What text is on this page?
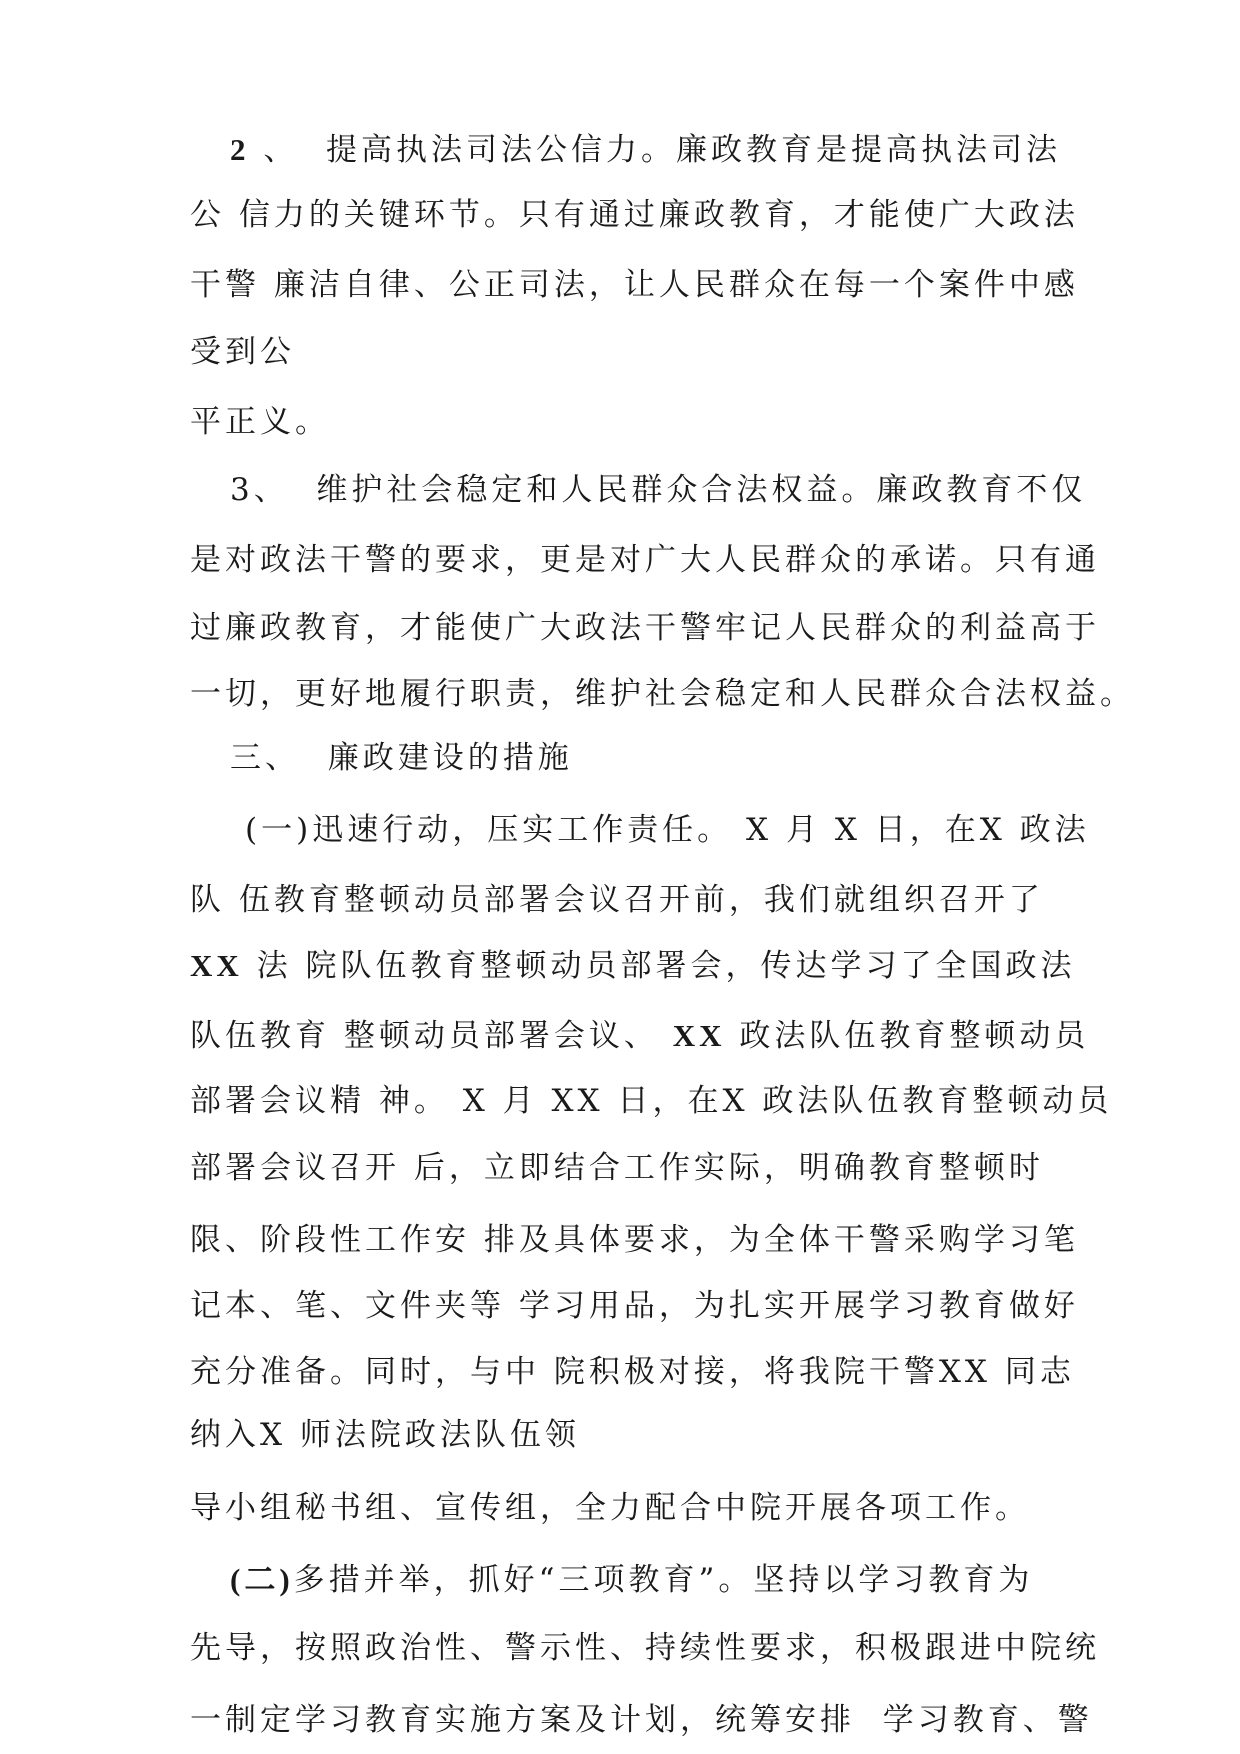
2 、  提高执法司法公信力。廉政教育是提高执法司法
公 信力的关键环节。只有通过廉政教育，才能使广大政法
干警 廉洁自律、公正司法，让人民群众在每一个案件中感
受到公
平正义。
3、  维护社会稳定和人民群众合法权益。廉政教育不仅
是对政法干警的要求，更是对广大人民群众的承诺。只有通
过廉政教育，才能使广大政法干警牢记人民群众的利益高于
一切，更好地履行职责，维护社会稳定和人民群众合法权益。
三、  廉政建设的措施
(一)迅速行动，压实工作责任。 X 月 X 日，在X 政法
队 伍教育整顿动员部署会议召开前，我们就组织召开了
XX 法 院队伍教育整顿动员部署会，传达学习了全国政法
队伍教育 整顿动员部署会议、 XX 政法队伍教育整顿动员
部署会议精 神。 X 月 XX 日，在X 政法队伍教育整顿动员
部署会议召开 后，立即结合工作实际，明确教育整顿时
限、阶段性工作安 排及具体要求，为全体干警采购学习笔
记本、笔、文件夹等 学习用品，为扎实开展学习教育做好
充分准备。同时，与中 院积极对接，将我院干警XX 同志
纳入X 师法院政法队伍领
导小组秘书组、宣传组，全力配合中院开展各项工作。
(二)多措并举，抓好“三项教育”。坚持以学习教育为
先导，按照政治性、警示性、持续性要求，积极跟进中院统
一制定学习教育实施方案及计划，统筹安排  学习教育、警
